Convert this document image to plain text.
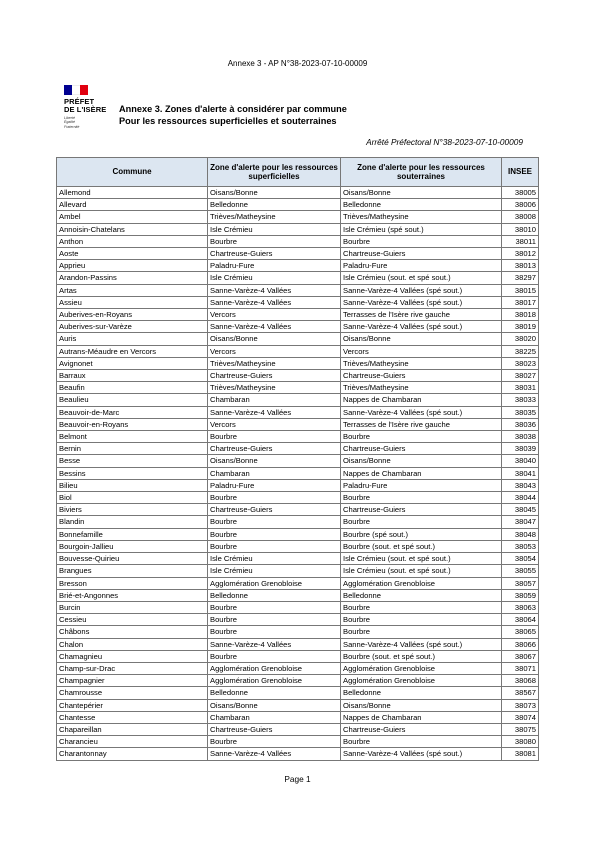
Annexe 3 - AP N°38-2023-07-10-00009
PRÉFET
DE L'ISÈRE
Liberté
Égalité
Fraternité
Annexe 3. Zones d'alerte à considérer par commune
Pour les ressources superficielles et souterraines
Arrêté Préfectoral N°38-2023-07-10-00009
Commune	Zone d'alerte pour les ressources superficielles	Zone d'alerte pour les ressources souterraines	INSEE
Allemond	Oisans/Bonne	Oisans/Bonne	38005
Allevard	Belledonne	Belledonne	38006
Ambel	Trièves/Matheysine	Trièves/Matheysine	38008
Annoisin-Chatelans	Isle Crémieu	Isle Crémieu (spé sout.)	38010
Anthon	Bourbre	Bourbre	38011
Aoste	Chartreuse-Guiers	Chartreuse-Guiers	38012
Apprieu	Paladru-Fure	Paladru-Fure	38013
Arandon-Passins	Isle Crémieu	Isle Crémieu (sout. et spé sout.)	38297
Artas	Sanne-Varèze-4 Vallées	Sanne-Varèze-4 Vallées (spé sout.)	38015
Assieu	Sanne-Varèze-4 Vallées	Sanne-Varèze-4 Vallées (spé sout.)	38017
Auberives-en-Royans	Vercors	Terrasses de l'Isère rive gauche	38018
Auberives-sur-Varèze	Sanne-Varèze-4 Vallées	Sanne-Varèze-4 Vallées (spé sout.)	38019
Auris	Oisans/Bonne	Oisans/Bonne	38020
Autrans-Méaudre en Vercors	Vercors	Vercors	38225
Avignonet	Trièves/Matheysine	Trièves/Matheysine	38023
Barraux	Chartreuse-Guiers	Chartreuse-Guiers	38027
Beaufin	Trièves/Matheysine	Trièves/Matheysine	38031
Beaulieu	Chambaran	Nappes de Chambaran	38033
Beauvoir-de-Marc	Sanne-Varèze-4 Vallées	Sanne-Varèze-4 Vallées (spé sout.)	38035
Beauvoir-en-Royans	Vercors	Terrasses de l'Isère rive gauche	38036
Belmont	Bourbre	Bourbre	38038
Bernin	Chartreuse-Guiers	Chartreuse-Guiers	38039
Besse	Oisans/Bonne	Oisans/Bonne	38040
Bessins	Chambaran	Nappes de Chambaran	38041
Bilieu	Paladru-Fure	Paladru-Fure	38043
Biol	Bourbre	Bourbre	38044
Biviers	Chartreuse-Guiers	Chartreuse-Guiers	38045
Blandin	Bourbre	Bourbre	38047
Bonnefamille	Bourbre	Bourbre (spé sout.)	38048
Bourgoin-Jallieu	Bourbre	Bourbre (sout. et spé sout.)	38053
Bouvesse-Quirieu	Isle Crémieu	Isle Crémieu (sout. et spé sout.)	38054
Brangues	Isle Crémieu	Isle Crémieu (sout. et spé sout.)	38055
Bresson	Agglomération Grenobloise	Agglomération Grenobloise	38057
Brié-et-Angonnes	Belledonne	Belledonne	38059
Burcin	Bourbre	Bourbre	38063
Cessieu	Bourbre	Bourbre	38064
Châbons	Bourbre	Bourbre	38065
Chalon	Sanne-Varèze-4 Vallées	Sanne-Varèze-4 Vallées (spé sout.)	38066
Chamagnieu	Bourbre	Bourbre (sout. et spé sout.)	38067
Champ-sur-Drac	Agglomération Grenobloise	Agglomération Grenobloise	38071
Champagnier	Agglomération Grenobloise	Agglomération Grenobloise	38068
Chamrousse	Belledonne	Belledonne	38567
Chantepérier	Oisans/Bonne	Oisans/Bonne	38073
Chantesse	Chambaran	Nappes de Chambaran	38074
Chapareillan	Chartreuse-Guiers	Chartreuse-Guiers	38075
Charancieu	Bourbre	Bourbre	38080
Charantonnay	Sanne-Varèze-4 Vallées	Sanne-Varèze-4 Vallées (spé sout.)	38081
Page 1
